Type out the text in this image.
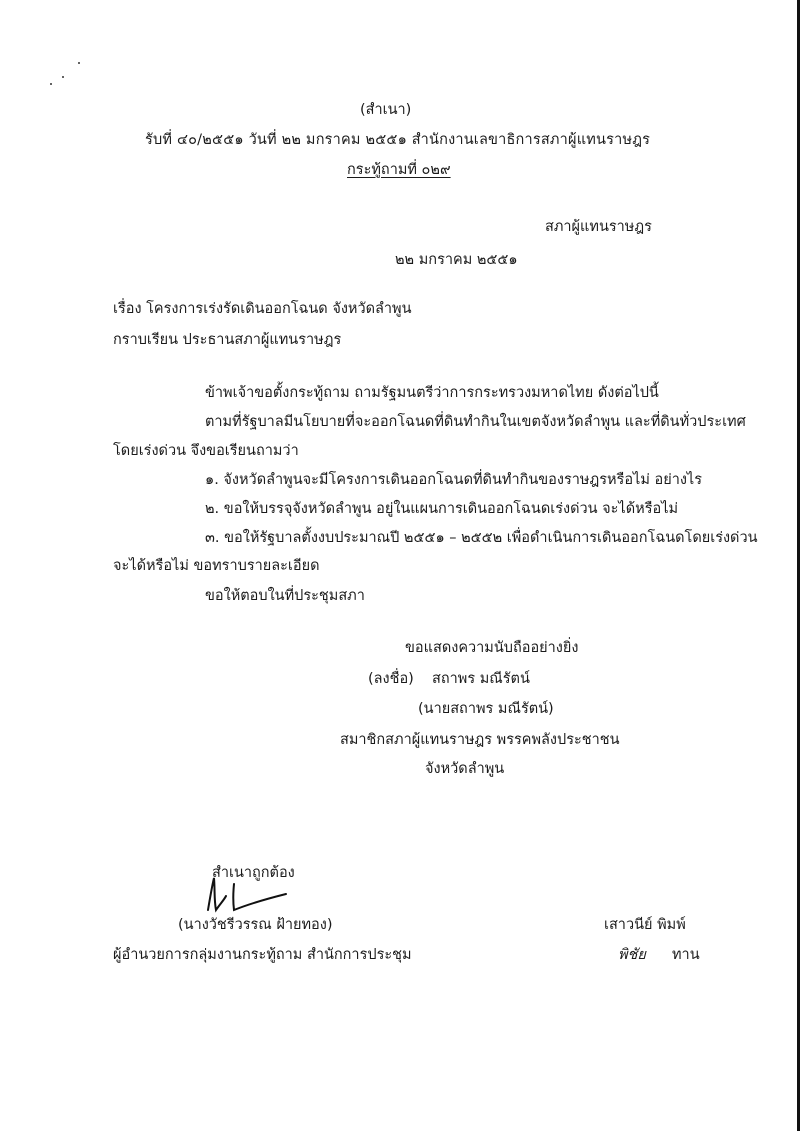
(สำเนา)
รับที่ ๔๐/๒๕๕๑ วันที่ ๒๒ มกราคม ๒๕๕๑ สำนักงานเลขาธิการสภาผู้แทนราษฎร
กระทู้ถามที่ ๐๒๙
สภาผู้แทนราษฎร
๒๒ มกราคม ๒๕๕๑
เรื่อง โครงการเร่งรัดเดินออกโฉนด จังหวัดลำพูน
กราบเรียน ประธานสภาผู้แทนราษฎร
ข้าพเจ้าขอตั้งกระทู้ถาม ถามรัฐมนตรีว่าการกระทรวงมหาดไทย ดังต่อไปนี้
ตามที่รัฐบาลมีนโยบายที่จะออกโฉนดที่ดินทำกินในเขตจังหวัดลำพูน และที่ดินทั่วประเทศ
โดยเร่งด่วน จึงขอเรียนถามว่า
๑. จังหวัดลำพูนจะมีโครงการเดินออกโฉนดที่ดินทำกินของราษฎรหรือไม่ อย่างไร
๒. ขอให้บรรจุจังหวัดลำพูน อยู่ในแผนการเดินออกโฉนดเร่งด่วน จะได้หรือไม่
๓. ขอให้รัฐบาลตั้งงบประมาณปี ๒๕๕๑ – ๒๕๕๒ เพื่อดำเนินการเดินออกโฉนดโดยเร่งด่วน
จะได้หรือไม่ ขอทราบรายละเอียด
ขอให้ตอบในที่ประชุมสภา
ขอแสดงความนับถืออย่างยิ่ง
(ลงชื่อ) สถาพร มณีรัตน์
(นายสถาพร มณีรัตน์)
สมาชิกสภาผู้แทนราษฎร พรรคพลังประชาชน
จังหวัดลำพูน
สำเนาถูกต้อง
(นางวัชรีวรรณ ฝ้ายทอง)
ผู้อำนวยการกลุ่มงานกระทู้ถาม สำนักการประชุม
เสาวนีย์ พิมพ์
พิชัย ทาน
